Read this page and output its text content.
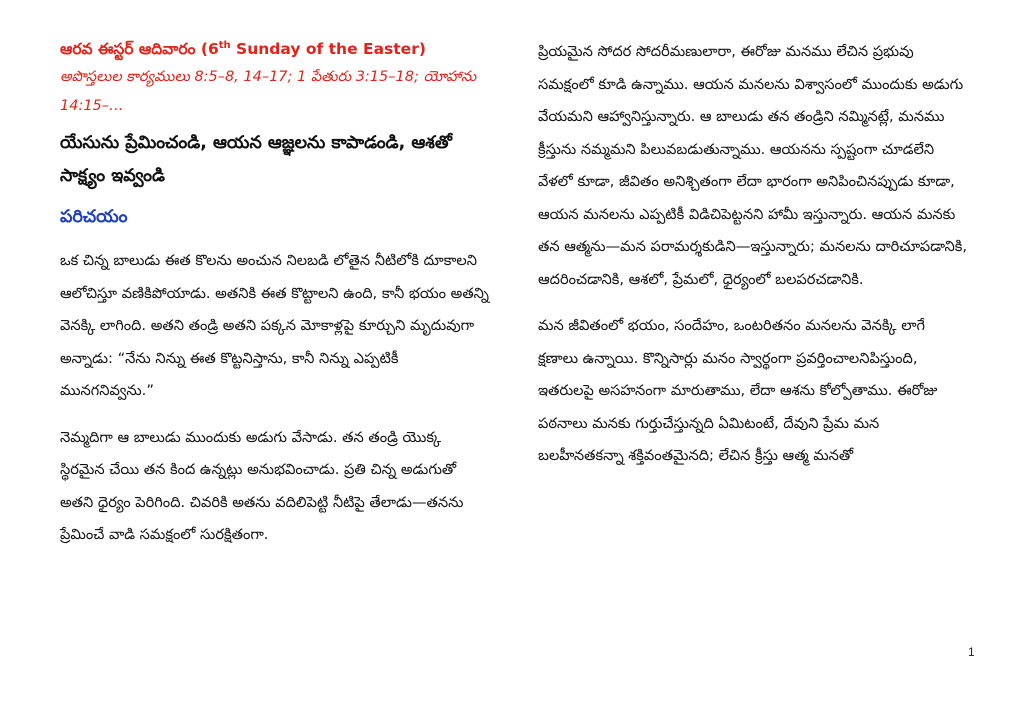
ఆరవ ఈస్టర్ ఆదివారం (6th Sunday of the Easter)

అపొస్తలుల కార్యములు 8:5–8, 14–17; 1 పేతురు 3:15–18; యోహాను 14:15–…

యేసును ప్రేమించండి, ఆయన ఆజ్ఞలను కాపాడండి, ఆశతో సాక్ష్యం ఇవ్వండి

పరిచయం

ఒక చిన్న బాలుడు ఈత కొలను అంచున నిలబడి లోతైన నీటిలోకి దూకాలని ఆలోచిస్తూ వణికిపోయాడు. అతనికి ఈత కొట్టాలని ఉంది, కానీ భయం అతన్ని వెనక్కి లాగింది. అతని తండ్రి అతని పక్కన మోకాళ్లపై కూర్చుని మృదువుగా అన్నాడు: “నేను నిన్ను ఈత కొట్టనిస్తాను, కానీ నిన్ను ఎప్పటికీ మునగనివ్వను.”

నెమ్మదిగా ఆ బాలుడు ముందుకు అడుగు వేసాడు. తన తండ్రి యొక్క స్థిరమైన చేయి తన కింద ఉన్నట్లు అనుభవించాడు. ప్రతి చిన్న అడుగుతో అతని ధైర్యం పెరిగింది. చివరికి అతను వదిలిపెట్టి నీటిపై తేలాడు—తనను ప్రేమించే వాడి సమక్షంలో సురక్షితంగా.

ప్రియమైన సోదర సోదరీమణులారా, ఈరోజు మనము లేచిన ప్రభువు సమక్షంలో కూడి ఉన్నాము. ఆయన మనలను విశ్వాసంలో ముందుకు అడుగు వేయమని ఆహ్వానిస్తున్నారు. ఆ బాలుడు తన తండ్రిని నమ్మినట్లే, మనము క్రీస్తును నమ్మమని పిలువబడుతున్నాము. ఆయనను స్పష్టంగా చూడలేని వేళలో కూడా, జీవితం అనిశ్చితంగా లేదా భారంగా అనిపించినప్పుడు కూడా, ఆయన మనలను ఎప్పటికీ విడిచిపెట్టనని హామీ ఇస్తున్నారు. ఆయన మనకు తన ఆత్మను—మన పరామర్శకుడిని—ఇస్తున్నారు; మనలను దారిచూపడానికి, ఆదరించడానికి, ఆశలో, ప్రేమలో, ధైర్యంలో బలపరచడానికి.

మన జీవితంలో భయం, సందేహం, ఒంటరితనం మనలను వెనక్కి లాగే క్షణాలు ఉన్నాయి. కొన్నిసార్లు మనం స్వార్థంగా ప్రవర్తించాలనిపిస్తుంది, ఇతరులపై అసహనంగా మారుతాము, లేదా ఆశను కోల్పోతాము. ఈరోజు పఠనాలు మనకు గుర్తుచేస్తున్నది ఏమిటంటే, దేవుని ప్రేమ మన బలహీనతకన్నా శక్తివంతమైనది; లేచిన క్రీస్తు ఆత్మ మనతో

1
